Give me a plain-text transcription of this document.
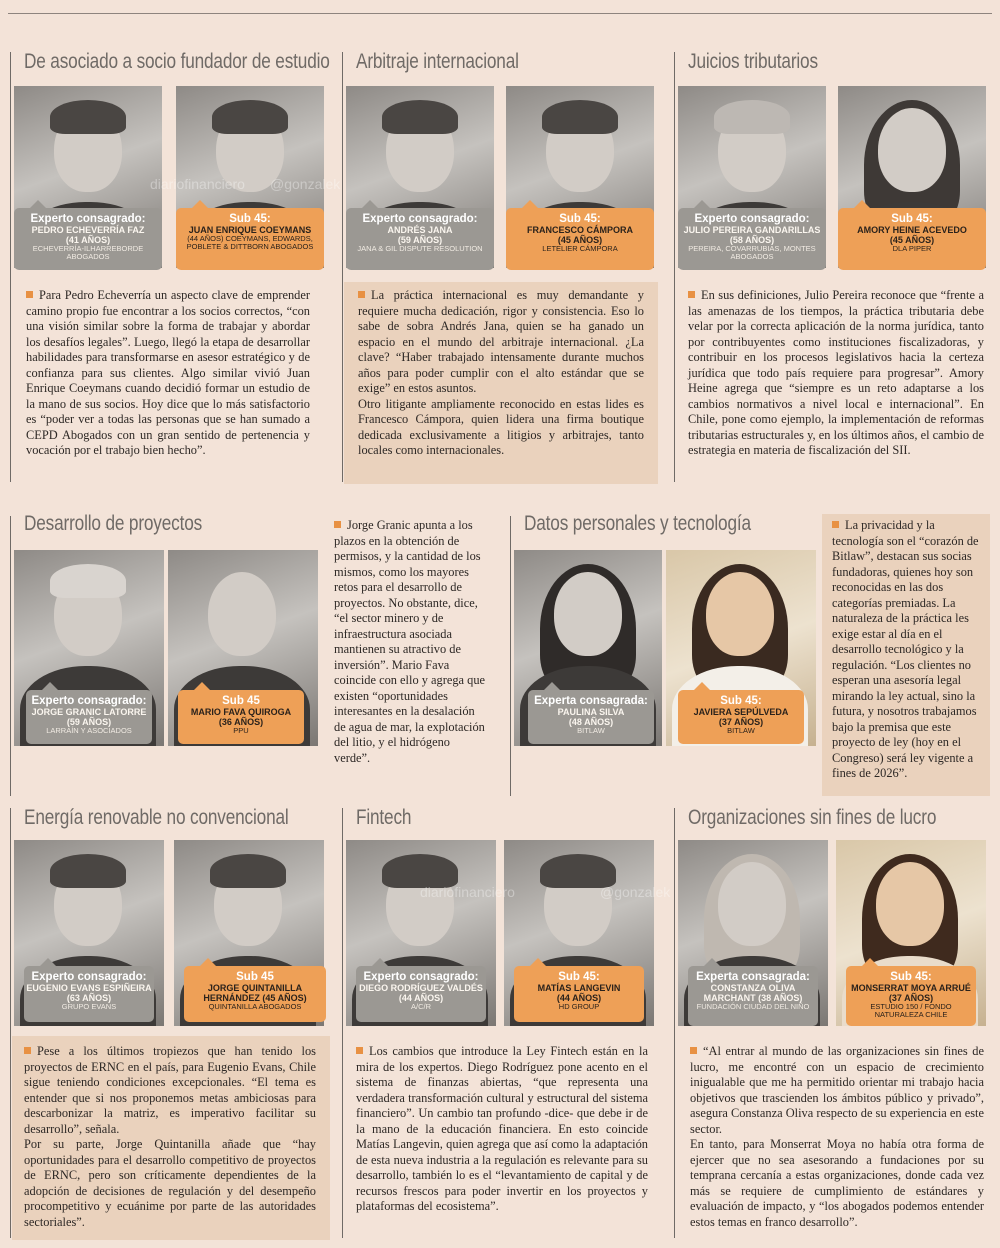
De asociado a socio fundador de estudio
Experto consagrado:
PEDRO ECHEVERRÍA FAZ
(41 AÑOS)
ECHEVERRÍA-ILHARREBORDE ABOGADOS
Sub 45:
JUAN ENRIQUE COEYMANS
(44 AÑOS) COEYMANS, EDWARDS, POBLETE & DITTBORN ABOGADOS

Para Pedro Echeverría un aspecto clave de emprender camino propio fue encontrar a los socios correctos, “con una visión similar sobre la forma de trabajar y abordar los desafíos legales”. Luego, llegó la etapa de desarrollar habilidades para transformarse en asesor estratégico y de confianza para sus clientes. Algo similar vivió Juan Enrique Coeymans cuando decidió formar un estudio de la mano de sus socios. Hoy dice que lo más satisfactorio es “poder ver a todas las personas que se han sumado a CEPD Abogados con un gran sentido de pertenencia y vocación por el trabajo bien hecho”.

Arbitraje internacional
Experto consagrado:
ANDRÉS JANA
(59 AÑOS)
JANA & GIL DISPUTE RESOLUTION
Sub 45:
FRANCESCO CÁMPORA
(45 AÑOS)
LETELIER CÁMPORA

La práctica internacional es muy demandante y requiere mucha dedicación, rigor y consistencia. Eso lo sabe de sobra Andrés Jana, quien se ha ganado un espacio en el mundo del arbitraje internacional. ¿La clave? “Haber trabajado intensamente durante muchos años para poder cumplir con el alto estándar que se exige” en estos asuntos.

Otro litigante ampliamente reconocido en estas lides es Francesco Cámpora, quien lidera una firma boutique dedicada exclusivamente a litigios y arbitrajes, tanto locales como internacionales.

Juicios tributarios
Experto consagrado:
JULIO PEREIRA GANDARILLAS (58 AÑOS)
PEREIRA, COVARRUBIAS, MONTES ABOGADOS
Sub 45:
AMORY HEINE ACEVEDO
(45 AÑOS)
DLA PIPER

En sus definiciones, Julio Pereira reconoce que “frente a las amenazas de los tiempos, la práctica tributaria debe velar por la correcta aplicación de la norma jurídica, tanto por contribuyentes como instituciones fiscalizadoras, y contribuir en los procesos legislativos hacia la certeza jurídica que todo país requiere para progresar”. Amory Heine agrega que “siempre es un reto adaptarse a los cambios normativos a nivel local e internacional”. En Chile, pone como ejemplo, la implementación de reformas tributarias estructurales y, en los últimos años, el cambio de estrategia en materia de fiscalización del SII.

Desarrollo de proyectos
Experto consagrado:
JORGE GRANIC LATORRE
(59 AÑOS)
LARRAÍN Y ASOCIADOS
Sub 45
MARIO FAVA QUIROGA
(36 AÑOS)
PPU

Jorge Granic apunta a los plazos en la obtención de permisos, y la cantidad de los mismos, como los mayores retos para el desarrollo de proyectos. No obstante, dice, “el sector minero y de infraestructura asociada mantienen su atractivo de inversión”. Mario Fava coincide con ello y agrega que existen “oportunidades interesantes en la desalación de agua de mar, la explotación del litio, y el hidrógeno verde”.

Datos personales y tecnología
Experta consagrada:
PAULINA SILVA
(48 AÑOS)
BITLAW
Sub 45:
JAVIERA SEPÚLVEDA
(37 AÑOS)
BITLAW

La privacidad y la tecnología son el “corazón de Bitlaw”, destacan sus socias fundadoras, quienes hoy son reconocidas en las dos categorías premiadas. La naturaleza de la práctica les exige estar al día en el desarrollo tecnológico y la regulación. “Los clientes no esperan una asesoría legal mirando la ley actual, sino la futura, y nosotros trabajamos bajo la premisa que este proyecto de ley (hoy en el Congreso) será ley vigente a fines de 2026”.

Energía renovable no convencional
Experto consagrado:
EUGENIO EVANS ESPIÑEIRA (63 AÑOS)
GRUPO EVANS
Sub 45
JORGE QUINTANILLA HERNÁNDEZ (45 AÑOS)
QUINTANILLA ABOGADOS

Pese a los últimos tropiezos que han tenido los proyectos de ERNC en el país, para Eugenio Evans, Chile sigue teniendo condiciones excepcionales. “El tema es entender que si nos proponemos metas ambiciosas para descarbonizar la matriz, es imperativo facilitar su desarrollo”, señala.

Por su parte, Jorge Quintanilla añade que “hay oportunidades para el desarrollo competitivo de proyectos de ERNC, pero son críticamente dependientes de la adopción de decisiones de regulación y del desempeño procompetitivo y ecuánime por parte de las autoridades sectoriales”.

Fintech
Experto consagrado:
DIEGO RODRÍGUEZ VALDÉS (44 AÑOS)
A/C/R
Sub 45:
MATÍAS LANGEVIN
(44 AÑOS)
HD GROUP

Los cambios que introduce la Ley Fintech están en la mira de los expertos. Diego Rodríguez pone acento en el sistema de finanzas abiertas, “que representa una verdadera transformación cultural y estructural del sistema financiero”. Un cambio tan profundo -dice- que debe ir de la mano de la educación financiera. En esto coincide Matías Langevin, quien agrega que así como la adaptación de esta nueva industria a la regulación es relevante para su desarrollo, también lo es el “levantamiento de capital y de recursos frescos para poder invertir en los proyectos y plataformas del ecosistema”.

Organizaciones sin fines de lucro
Experta consagrada:
CONSTANZA OLIVA MARCHANT (38 AÑOS)
FUNDACIÓN CIUDAD DEL NIÑO
Sub 45:
MONSERRAT MOYA ARRUÉ (37 AÑOS)
ESTUDIO 150 / FONDO NATURALEZA CHILE

“Al entrar al mundo de las organizaciones sin fines de lucro, me encontré con un espacio de crecimiento inigualable que me ha permitido orientar mi trabajo hacia objetivos que trascienden los ámbitos público y privado”, asegura Constanza Oliva respecto de su experiencia en este sector.

En tanto, para Monserrat Moya no había otra forma de ejercer que no sea asesorando a fundaciones por su temprana cercanía a estas organizaciones, donde cada vez más se requiere de cumplimiento de estándares y evaluación de impacto, y “los abogados podemos entender estos temas en franco desarrollo”.

diariofinanciero @gonzalek
diariofinanciero	@gonzalek
